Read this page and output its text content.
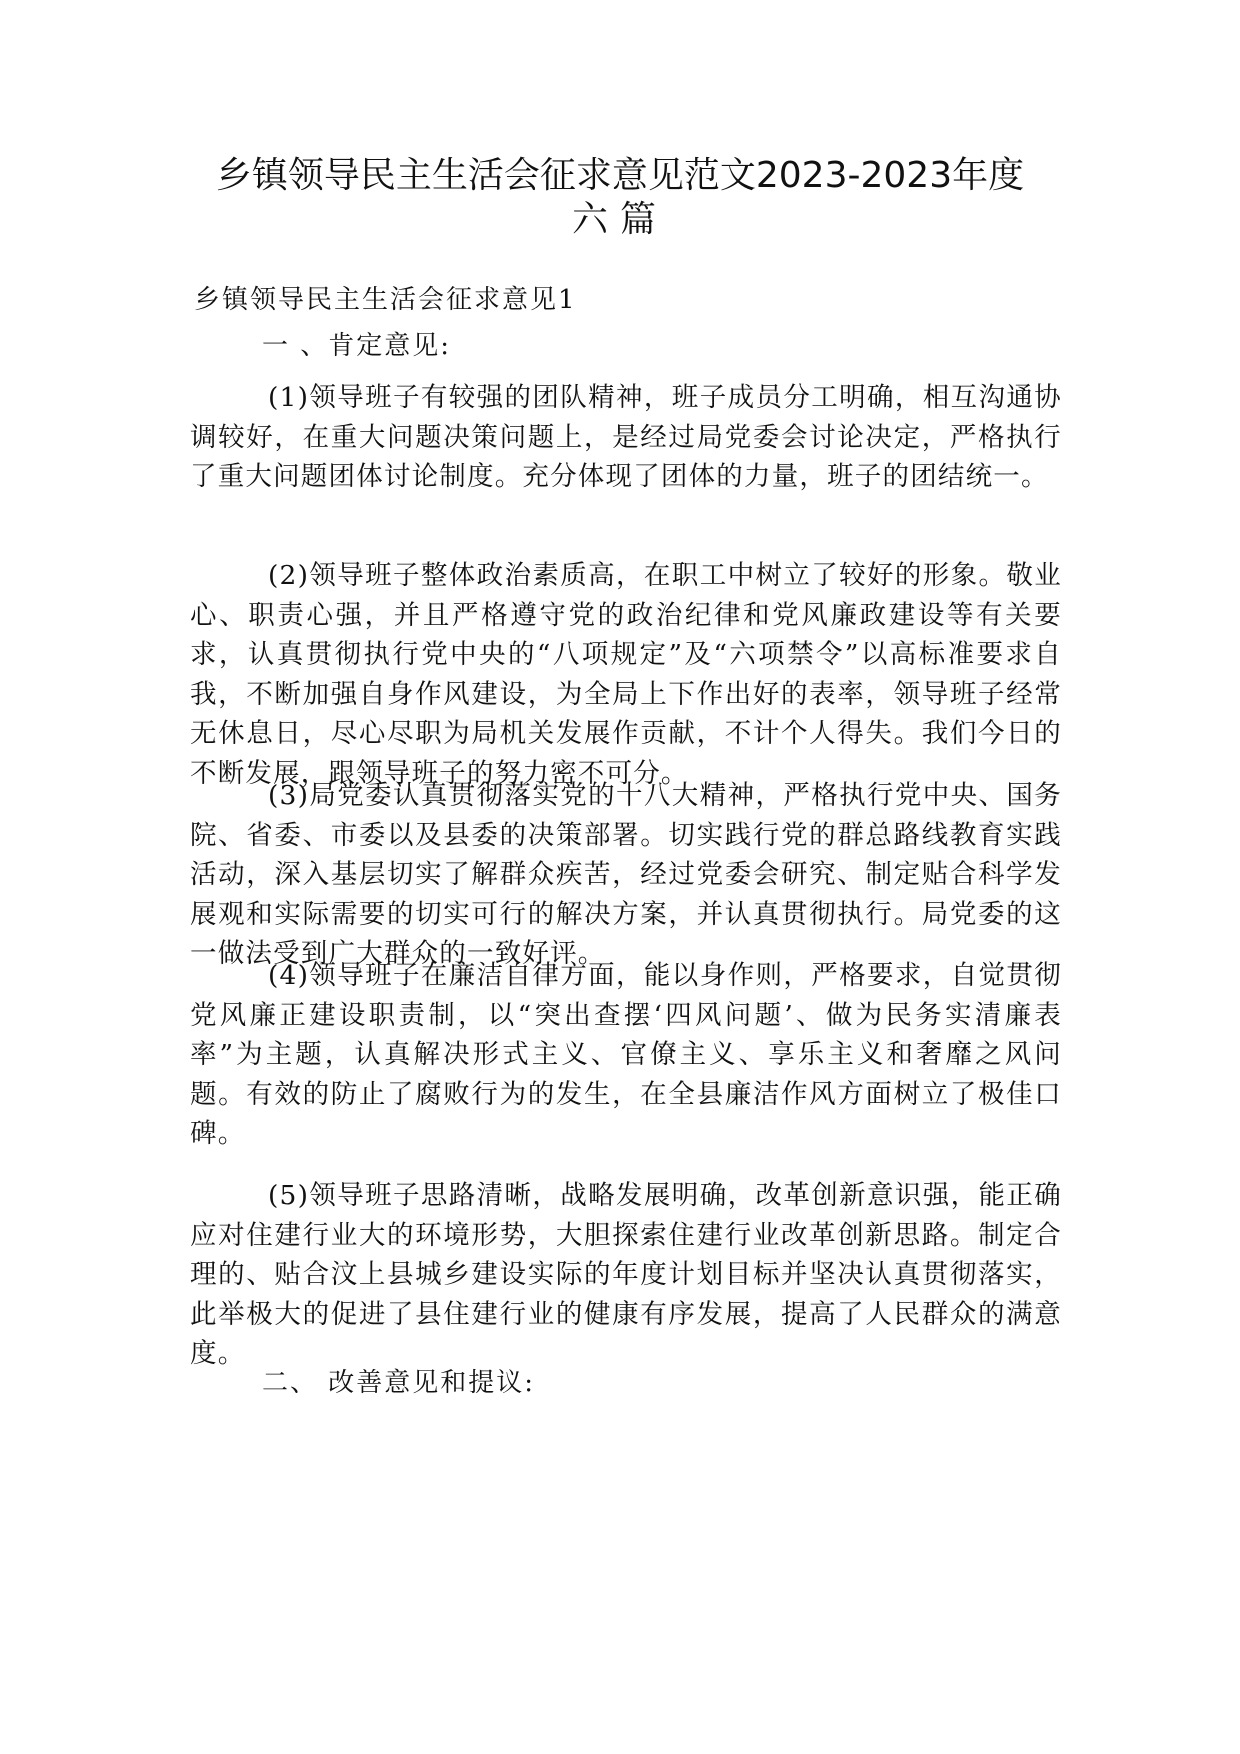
乡镇领导民主生活会征求意见范文2023-2023年度
六篇

乡镇领导民主生活会征求意见1

一 、肯定意见:

(1)领导班子有较强的团队精神，班子成员分工明确，相互沟通协调较好，在重大问题决策问题上，是经过局党委会讨论决定，严格执行了重大问题团体讨论制度。充分体现了团体的力量，班子的团结统一。

(2)领导班子整体政治素质高，在职工中树立了较好的形象。敬业心、职责心强，并且严格遵守党的政治纪律和党风廉政建设等有关要求，认真贯彻执行党中央的“八项规定”及“六项禁令”以高标准要求自我，不断加强自身作风建设，为全局上下作出好的表率，领导班子经常无休息日，尽心尽职为局机关发展作贡献，不计个人得失。我们今日的不断发展，跟领导班子的努力密不可分。

(3)局党委认真贯彻落实党的十八大精神，严格执行党中央、国务院、省委、市委以及县委的决策部署。切实践行党的群总路线教育实践活动，深入基层切实了解群众疾苦，经过党委会研究、制定贴合科学发展观和实际需要的切实可行的解决方案，并认真贯彻执行。局党委的这一做法受到广大群众的一致好评。

(4)领导班子在廉洁自律方面，能以身作则，严格要求，自觉贯彻党风廉正建设职责制，以“突出查摆‘四风问题’、做为民务实清廉表率”为主题，认真解决形式主义、官僚主义、享乐主义和奢靡之风问题。有效的防止了腐败行为的发生，在全县廉洁作风方面树立了极佳口碑。

(5)领导班子思路清晰，战略发展明确，改革创新意识强，能正确应对住建行业大的环境形势，大胆探索住建行业改革创新思路。制定合理的、贴合汶上县城乡建设实际的年度计划目标并坚决认真贯彻落实，此举极大的促进了县住建行业的健康有序发展，提高了人民群众的满意度。

二、 改善意见和提议:
